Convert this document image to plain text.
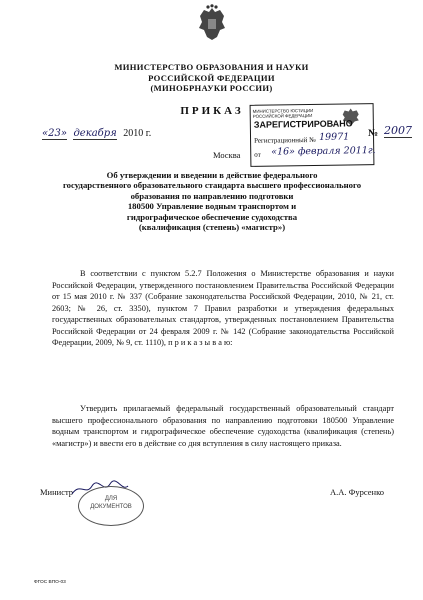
МИНИСТЕРСТВО ОБРАЗОВАНИЯ И НАУКИ
РОССИЙСКОЙ ФЕДЕРАЦИИ
(МИНОБРНАУКИ РОССИИ)
ПРИКАЗ	МИНИСТЕРСТВО ЮСТИЦИИ РОССИЙСКОЙ ФЕДЕРАЦИИ
ЗАРЕГИСТРИРОВАНО
Регистрационный № 19971
от «16» февраля 2011г.
«23» декабря 2010 г.
Москва
№ 2007
Об утверждении и введении в действие федерального
государственного образовательного стандарта высшего профессионального
образования по направлению подготовки
180500 Управление водным транспортом и
гидрографическое обеспечение судоходства
(квалификация (степень) «магистр»)
В соответствии с пунктом 5.2.7 Положения о Министерстве образования и науки Российской Федерации, утвержденного постановлением Правительства Российской Федерации от 15 мая 2010 г. № 337 (Собрание законодательства Российской Федерации, 2010, № 21, ст. 2603; № 26, ст. 3350), пунктом 7 Правил разработки и утверждения федеральных государственных образовательных стандартов, утвержденных постановлением Правительства Российской Федерации от 24 февраля 2009 г. № 142 (Собрание законодательства Российской Федерации, 2009, № 9, ст. 1110), п р и к а з ы в а ю:
Утвердить прилагаемый федеральный государственный образовательный стандарт высшего профессионального образования по направлению подготовки 180500 Управление водным транспортом и гидрографическое обеспечение судоходства (квалификация (степень) «магистр») и ввести его в действие со дня вступления в силу настоящего приказа.
Министр
ДЛЯ
ДОКУМЕНТОВ
А.А. Фурсенко
ФГОС ВПО-03
